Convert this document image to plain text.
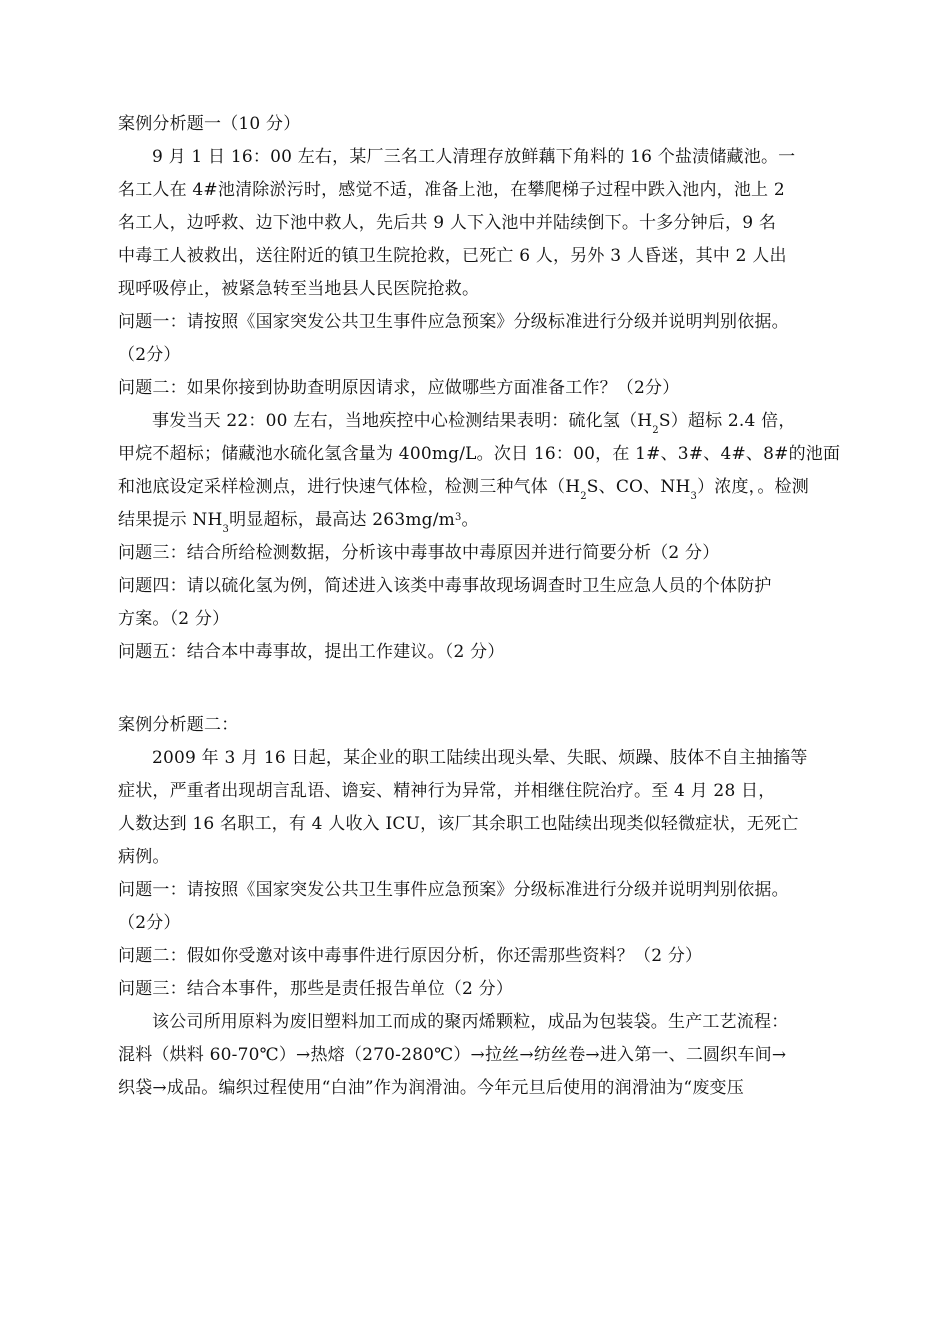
案例分析题一（10 分）
9 月 1 日 16：00 左右，某厂三名工人清理存放鲜藕下角料的 16 个盐渍储藏池。一
名工人在 4#池清除淤污时，感觉不适，准备上池，在攀爬梯子过程中跌入池内，池上 2
名工人，边呼救、边下池中救人，先后共 9 人下入池中并陆续倒下。十多分钟后，9 名
中毒工人被救出，送往附近的镇卫生院抢救，已死亡 6 人，另外 3 人昏迷，其中 2 人出
现呼吸停止，被紧急转至当地县人民医院抢救。
问题一：请按照《国家突发公共卫生事件应急预案》分级标准进行分级并说明判别依据。
（2分）
问题二：如果你接到协助查明原因请求，应做哪些方面准备工作？（2分）
事发当天 22：00 左右，当地疾控中心检测结果表明：硫化氢$(H_2S)$超标 2.4 倍，
甲烷不超标；储藏池水硫化氢含量为 400mg/L。次日 16：00，在 1#、3#、4#、8#的池面
和池底设定采样检测点，进行快速气体检，检测三种气体（$H_2S$、CO、$NH_3$）浓度，。检测
结果提示 $NH_3$明显超标，最高达 $263mg/m^3$。
问题三：结合所给检测数据，分析该中毒事故中毒原因并进行简要分析（2 分）
问题四：请以硫化氢为例，简述进入该类中毒事故现场调查时卫生应急人员的个体防护
方案。（2 分）
问题五：结合本中毒事故，提出工作建议。（2 分）
案例分析题二：
2009 年 3 月 16 日起，某企业的职工陆续出现头晕、失眠、烦躁、肢体不自主抽搐等
症状，严重者出现胡言乱语、谵妄、精神行为异常，并相继住院治疗。至 4 月 28 日，
人数达到 16 名职工，有 4 人收入 ICU，该厂其余职工也陆续出现类似轻微症状，无死亡
病例。
问题一：请按照《国家突发公共卫生事件应急预案》分级标准进行分级并说明判别依据。
（2分）
问题二：假如你受邀对该中毒事件进行原因分析，你还需那些资料？（2 分）
问题三：结合本事件，那些是责任报告单位（2 分）
该公司所用原料为废旧塑料加工而成的聚丙烯颗粒，成品为包装袋。生产工艺流程：
混料（烘料 60-70℃）→热熔（270-280℃）→拉丝→纺丝卷→进入第一、二圆织车间→
织袋→成品。编织过程使用“白油”作为润滑油。今年元旦后使用的润滑油为“废变压
